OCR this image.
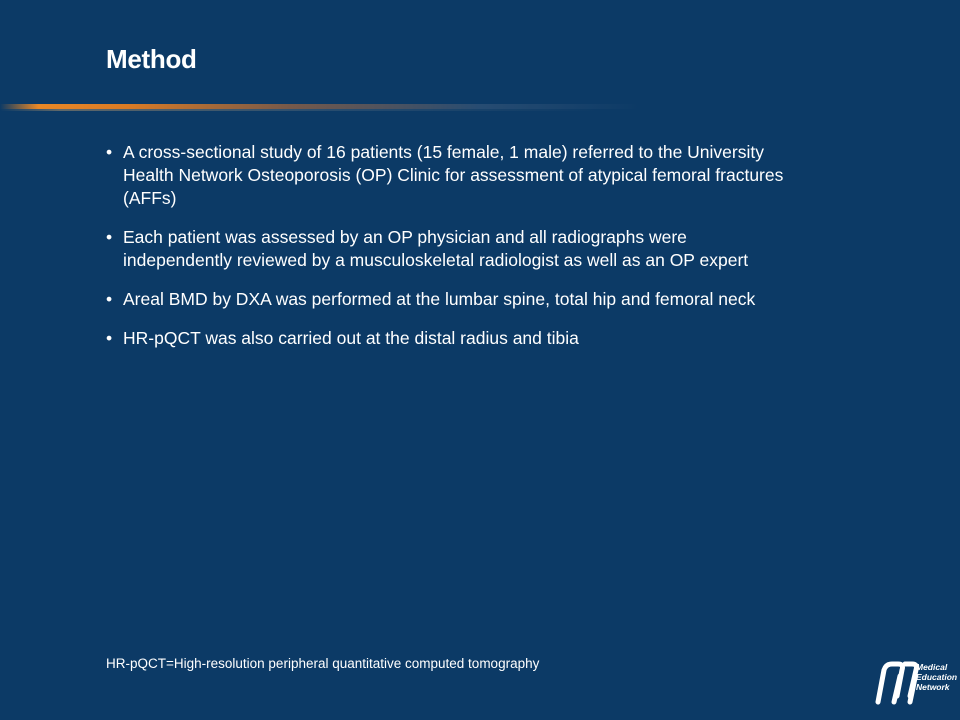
Method
• A cross-sectional study of 16 patients (15 female, 1 male) referred to the University Health Network Osteoporosis (OP) Clinic for assessment of atypical femoral fractures (AFFs)
• Each patient was assessed by an OP physician and all radiographs were independently reviewed by a musculoskeletal radiologist as well as an OP expert
• Areal BMD by DXA was performed at the lumbar spine, total hip and femoral neck
• HR-pQCT was also carried out at the distal radius and tibia
HR-pQCT=High-resolution peripheral quantitative computed tomography	Medical
Education
Network
